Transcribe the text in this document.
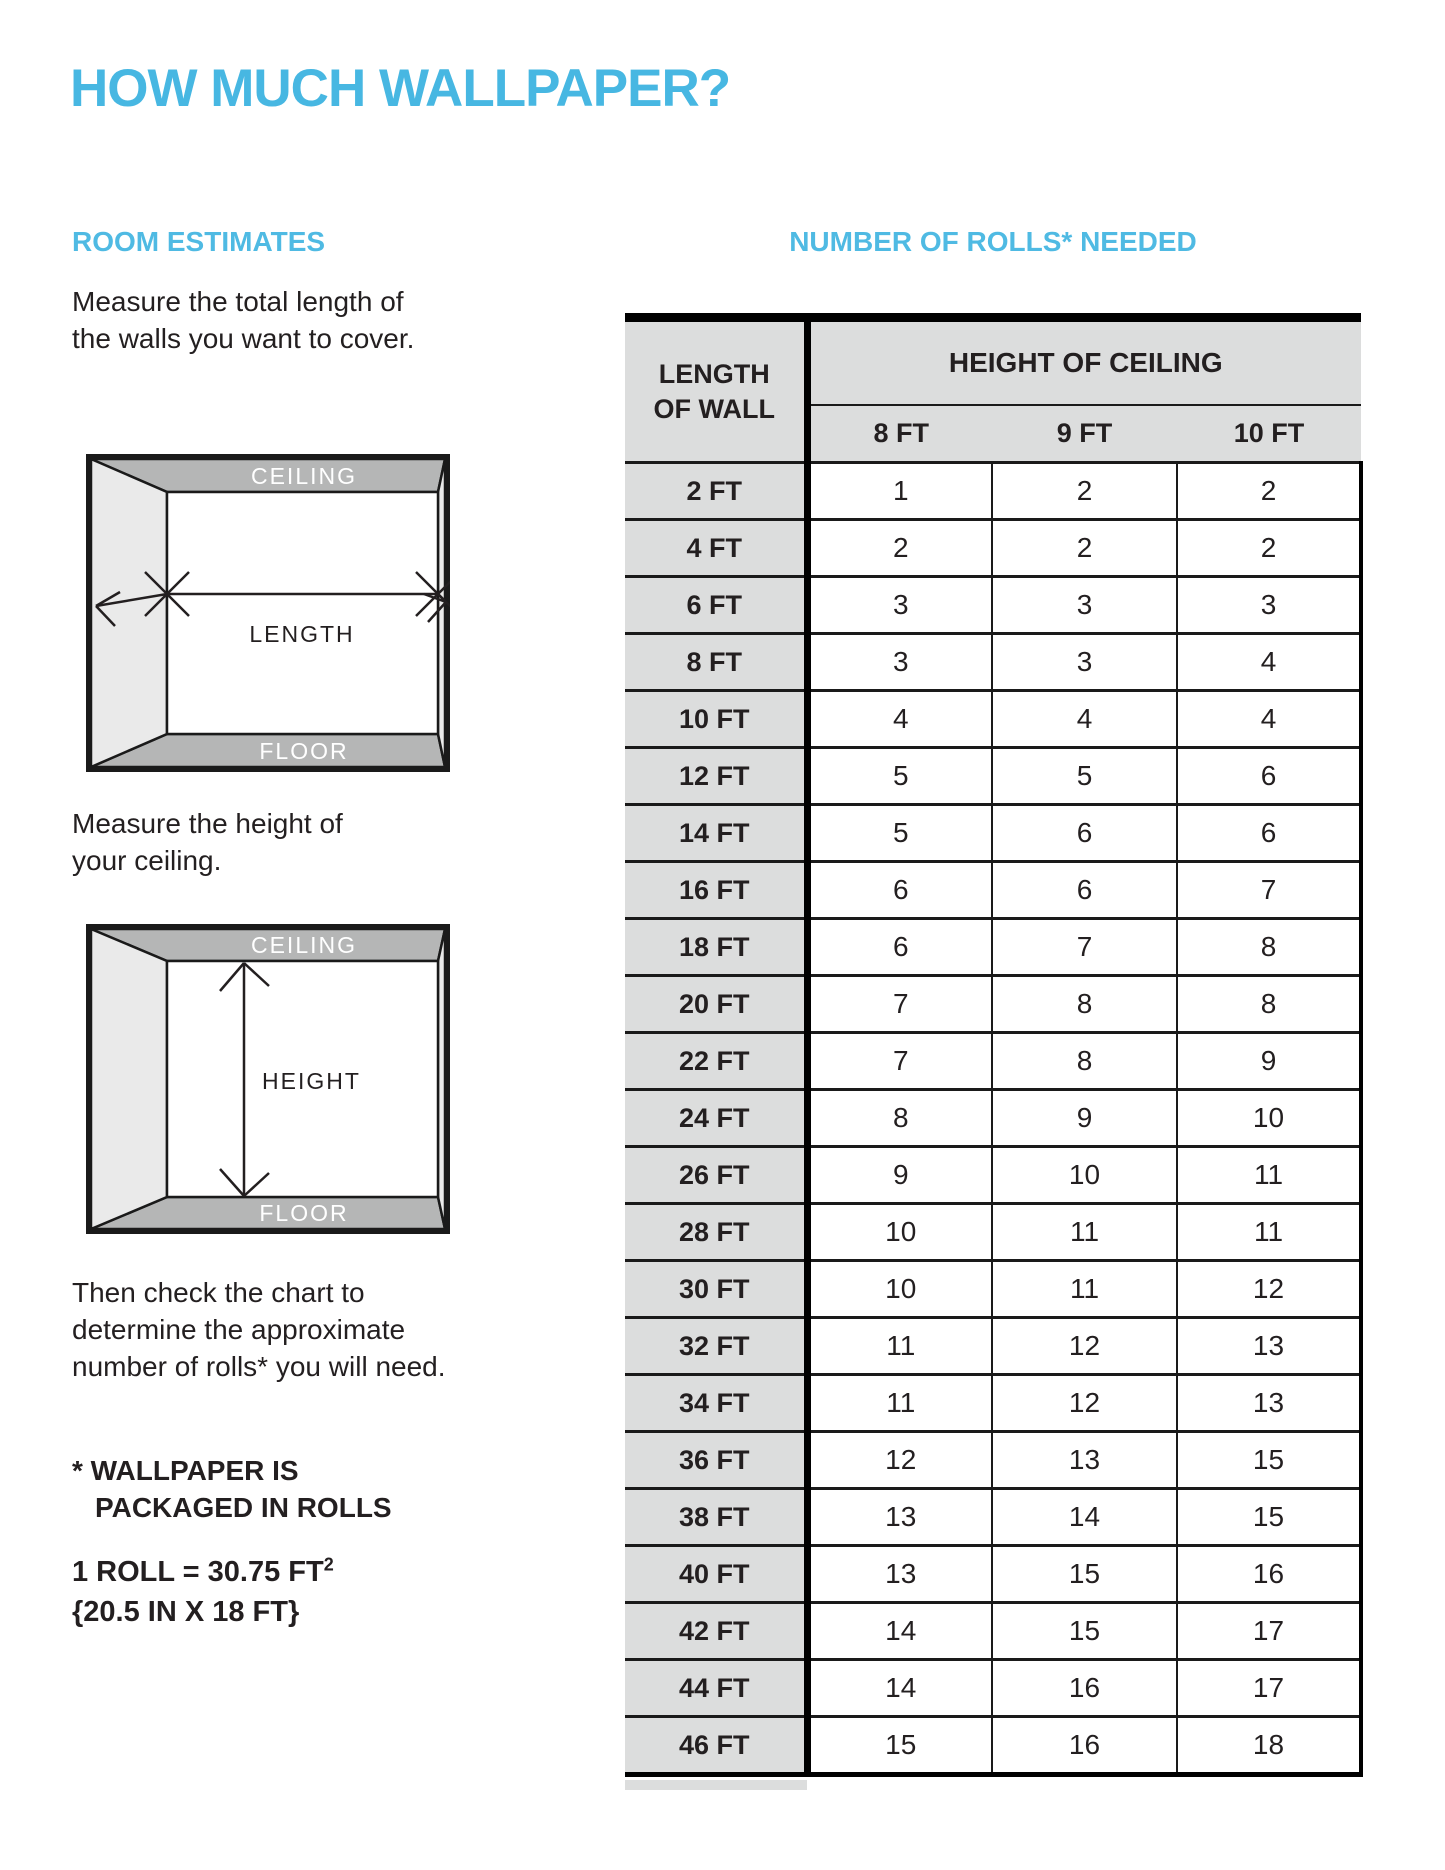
HOW MUCH WALLPAPER?
ROOM ESTIMATES
Measure the total length of
the walls you want to cover.
CEILING
FLOOR
LENGTH
Measure the height of
your ceiling.
CEILING
FLOOR
HEIGHT
Then check the chart to
determine the approximate
number of rolls* you will need.
* WALLPAPER IS
PACKAGED IN ROLLS
1 ROLL = 30.75 $FT^2$
{20.5 IN X 18 FT}
NUMBER OF ROLLS* NEEDED
LENGTH
OF WALL	HEIGHT OF CEILING		
	8 FT	9 FT	10 FT
2 FT	1	2	2
4 FT	2	2	2
6 FT	3	3	3
8 FT	3	3	4
10 FT	4	4	4
12 FT	5	5	6
14 FT	5	6	6
16 FT	6	6	7
18 FT	6	7	8
20 FT	7	8	8
22 FT	7	8	9
24 FT	8	9	10
26 FT	9	10	11
28 FT	10	11	11
30 FT	10	11	12
32 FT	11	12	13
34 FT	11	12	13
36 FT	12	13	15
38 FT	13	14	15
40 FT	13	15	16
42 FT	14	15	17
44 FT	14	16	17
46 FT	15	16	18
